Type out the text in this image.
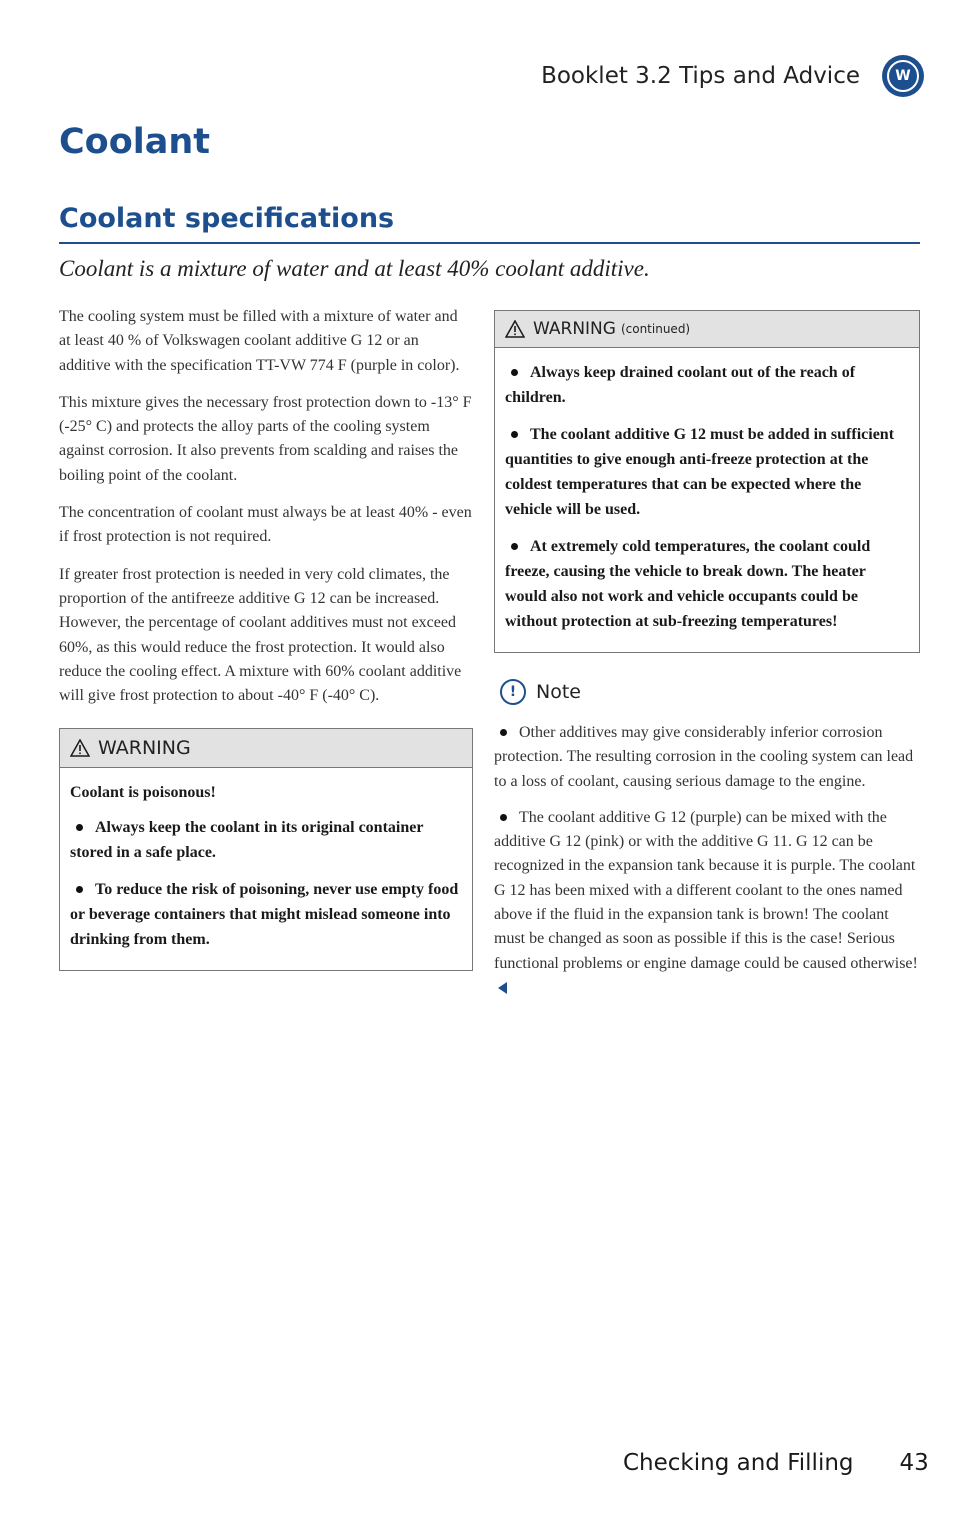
Booklet 3.2 Tips and Advice	W
Coolant
Coolant specifications
Coolant is a mixture of water and at least 40% coolant additive.

The cooling system must be filled with a mixture of water and at least 40 % of Volkswagen coolant additive G 12 or an additive with the specification TT-VW 774 F (purple in color).

This mixture gives the necessary frost protection down to -13° F (-25° C) and protects the alloy parts of the cooling system against corrosion. It also prevents from scalding and raises the boiling point of the coolant.

The concentration of coolant must always be at least 40% - even if frost protection is not required.

If greater frost protection is needed in very cold climates, the proportion of the antifreeze additive G 12 can be increased. However, the percentage of coolant additives must not exceed 60%, as this would reduce the frost protection. It would also reduce the cooling effect. A mixture with 60% coolant additive will give frost protection to about -40° F (-40° C).

WARNING

Coolant is poisonous!

Always keep the coolant in its original container stored in a safe place.
To reduce the risk of poisoning, never use empty food or beverage containers that might mislead someone into drinking from them.
WARNING (continued)
Always keep drained coolant out of the reach of children.
The coolant additive G 12 must be added in sufficient quantities to give enough anti-freeze protection at the coldest temperatures that can be expected where the vehicle will be used.
At extremely cold temperatures, the coolant could freeze, causing the vehicle to break down. The heater would also not work and vehicle occupants could be without protection at sub-freezing temperatures!
!	Note
Other additives may give considerably inferior corrosion protection. The resulting corrosion in the cooling system can lead to a loss of coolant, causing serious damage to the engine.
The coolant additive G 12 (purple) can be mixed with the additive G 12 (pink) or with the additive G 11. G 12 can be recognized in the expansion tank because it is purple. The coolant G 12 has been mixed with a different coolant to the ones named above if the fluid in the expansion tank is brown! The coolant must be changed as soon as possible if this is the case! Serious functional problems or engine damage could be caused otherwise!
Checking and Filling 43
